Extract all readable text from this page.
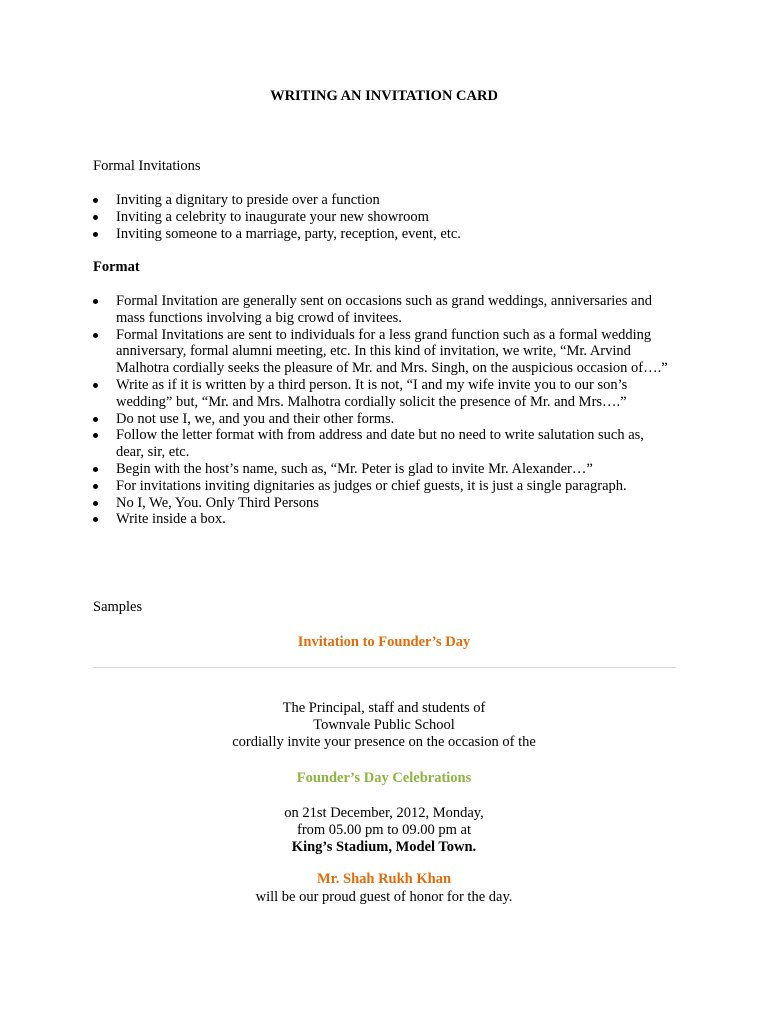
WRITING AN INVITATION CARD
Formal Invitations
Inviting a dignitary to preside over a function
Inviting a celebrity to inaugurate your new showroom
Inviting someone to a marriage, party, reception, event, etc.
Format
Formal Invitation are generally sent on occasions such as grand weddings, anniversaries and mass functions involving a big crowd of invitees.
Formal Invitations are sent to individuals for a less grand function such as a formal wedding anniversary, formal alumni meeting, etc. In this kind of invitation, we write, “Mr. Arvind Malhotra cordially seeks the pleasure of Mr. and Mrs. Singh, on the auspicious occasion of….”
Write as if it is written by a third person. It is not, “I and my wife invite you to our son’s wedding” but, “Mr. and Mrs. Malhotra cordially solicit the presence of Mr. and Mrs….”
Do not use I, we, and you and their other forms.
Follow the letter format with from address and date but no need to write salutation such as, dear, sir, etc.
Begin with the host’s name, such as, “Mr. Peter is glad to invite Mr. Alexander…”
For invitations inviting dignitaries as judges or chief guests, it is just a single paragraph.
No I, We, You. Only Third Persons
Write inside a box.
Samples
Invitation to Founder’s Day
The Principal, staff and students of
Townvale Public School
cordially invite your presence on the occasion of the
Founder’s Day Celebrations
on 21st December, 2012, Monday,
from 05.00 pm to 09.00 pm at
King’s Stadium, Model Town.
Mr. Shah Rukh Khan
will be our proud guest of honor for the day.
